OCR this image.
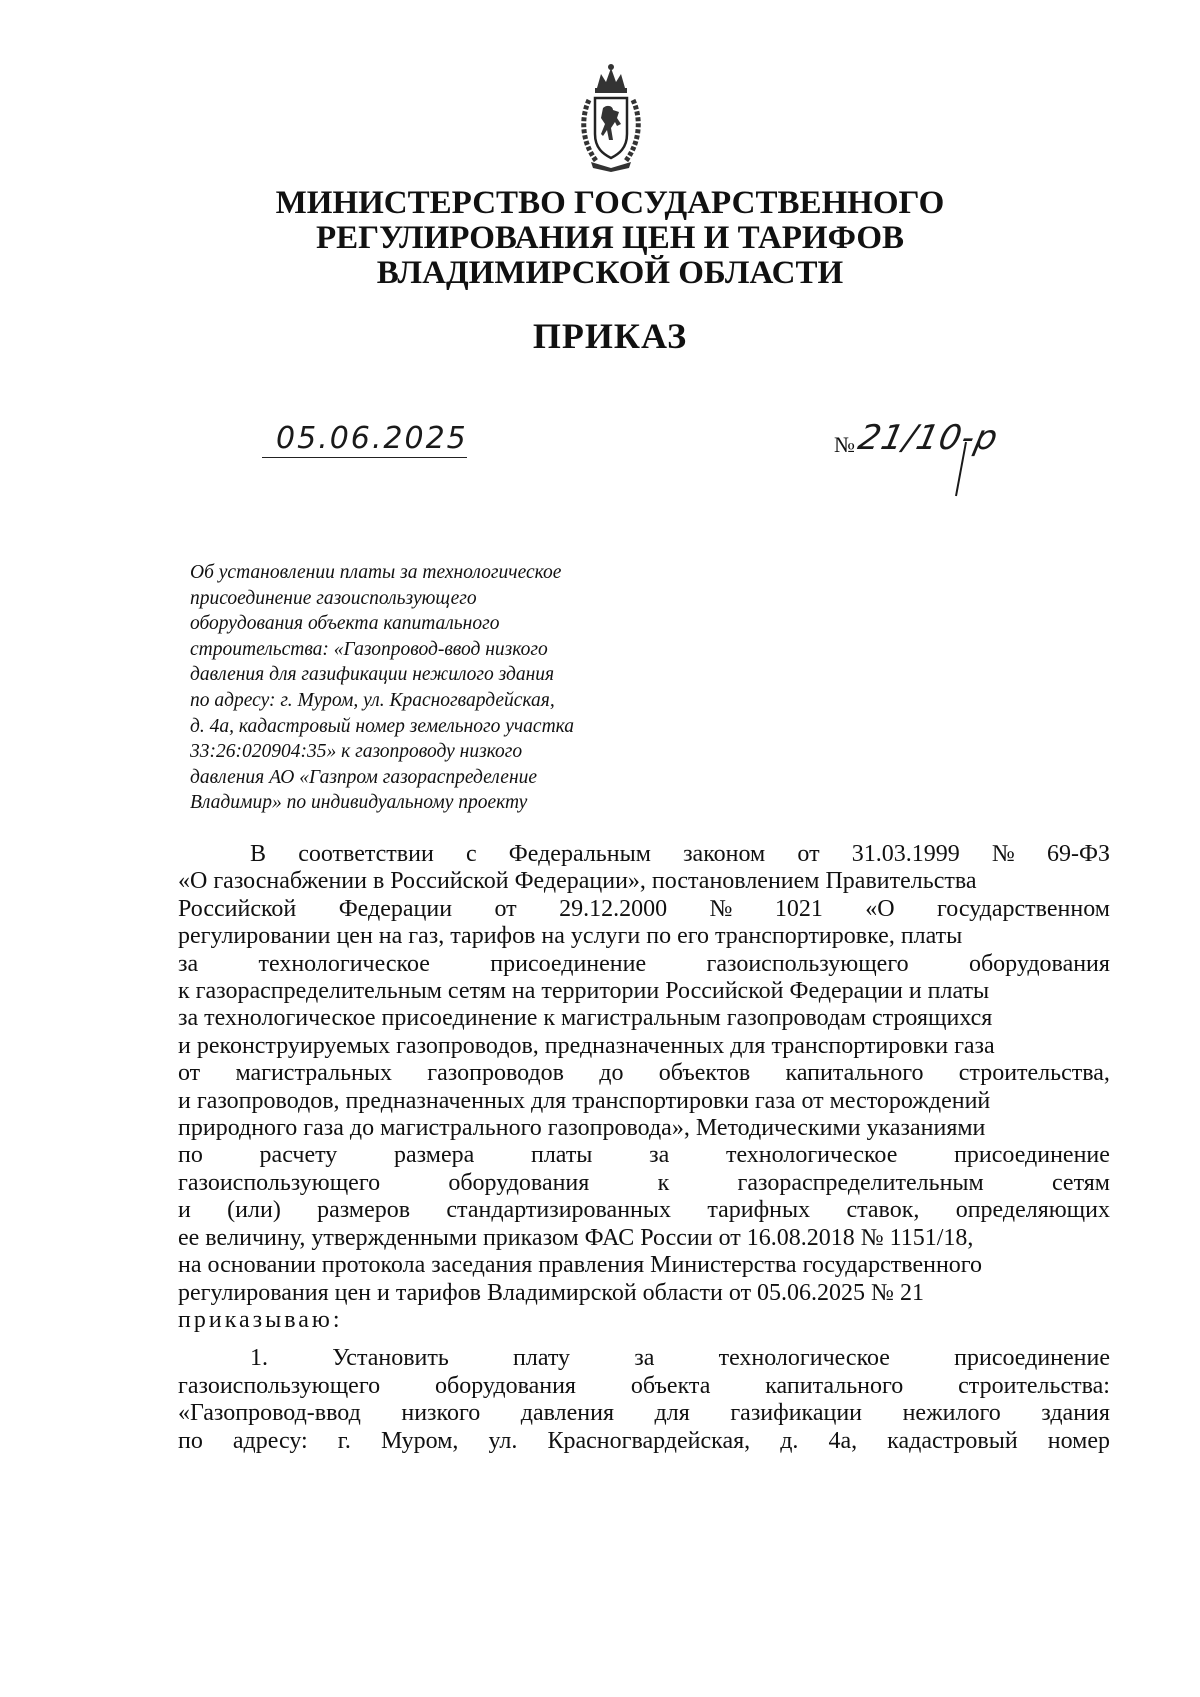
МИНИСТЕРСТВО ГОСУДАРСТВЕННОГО
РЕГУЛИРОВАНИЯ ЦЕН И ТАРИФОВ
ВЛАДИМИРСКОЙ ОБЛАСТИ
ПРИКАЗ
05.06.2025	№ 21/10-р
Об установлении платы за технологическое
присоединение газоиспользующего
оборудования объекта капитального
строительства: «Газопровод-ввод низкого
давления для газификации нежилого здания
по адресу: г. Муром, ул. Красногвардейская,
д. 4а, кадастровый номер земельного участка
33:26:020904:35» к газопроводу низкого
давления АО «Газпром газораспределение
Владимир» по индивидуальному проекту
В соответствии с Федеральным законом от 31.03.1999 № 69-ФЗ
«О газоснабжении в Российской Федерации», постановлением Правительства
Российской Федерации от 29.12.2000 № 1021 «О государственном
регулировании цен на газ, тарифов на услуги по его транспортировке, платы
за	технологическое	присоединение	газоиспользующего	оборудования
к газораспределительным сетям на территории Российской Федерации и платы
за технологическое присоединение к магистральным газопроводам строящихся
и реконструируемых газопроводов, предназначенных для транспортировки газа
от магистральных газопроводов до объектов капитального строительства,
и газопроводов, предназначенных для транспортировки газа от месторождений
природного газа до магистрального газопровода», Методическими указаниями
по расчету размера платы за технологическое присоединение
газоиспользующего	оборудования	к	газораспределительным	сетям
и (или) размеров стандартизированных тарифных ставок, определяющих
ее величину, утвержденными приказом ФАС России от 16.08.2018 № 1151/18,
на основании протокола заседания правления Министерства государственного
регулирования цен и тарифов Владимирской области от 05.06.2025 № 21
приказываю:
1.	Установить	плату	за	технологическое	присоединение
газоиспользующего оборудования объекта капитального строительства:
«Газопровод-ввод низкого давления для газификации нежилого здания
по адресу: г. Муром, ул. Красногвардейская, д. 4а, кадастровый номер
